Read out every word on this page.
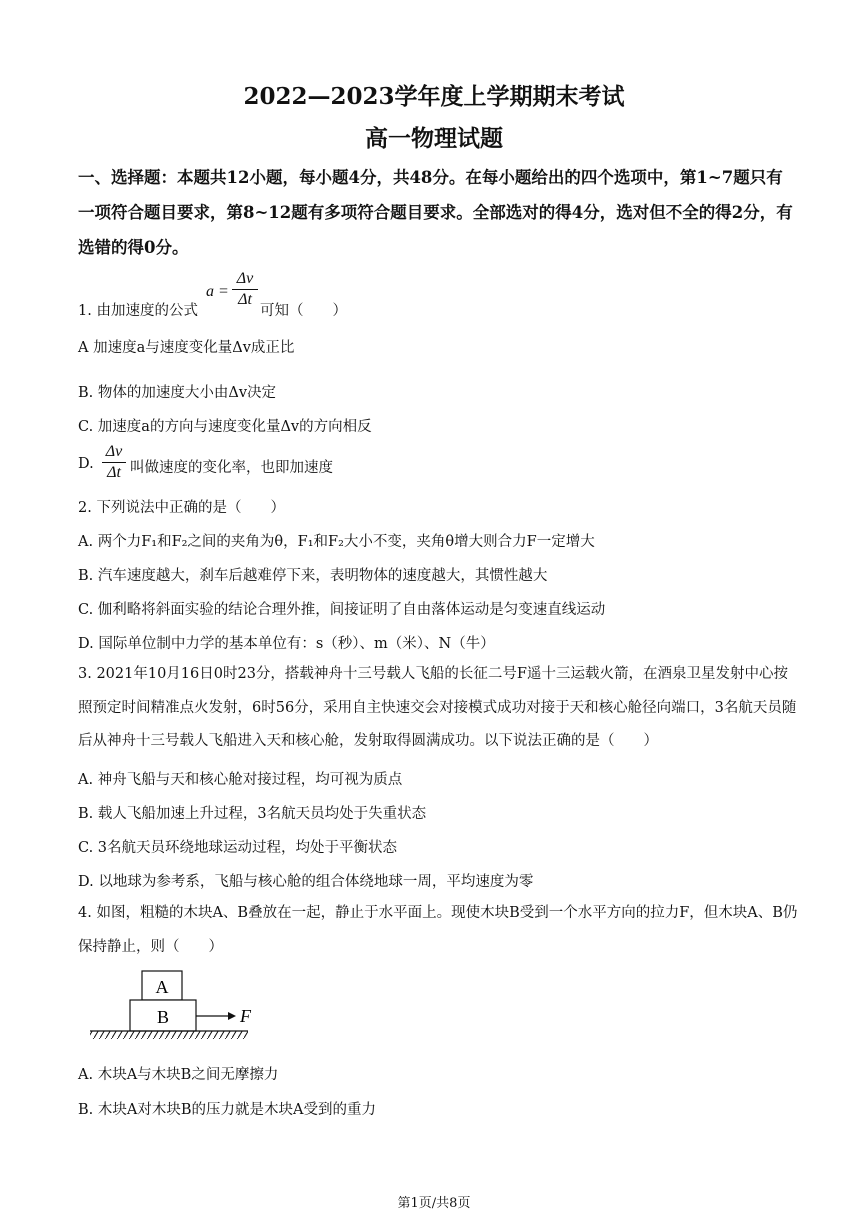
2022—2023学年度上学期期末考试
高一物理试题
一、选择题：本题共12小题，每小题4分，共48分。在每小题给出的四个选项中，第1~7题只有一项符合题目要求，第8~12题有多项符合题目要求。全部选对的得4分，选对但不全的得2分，有选错的得0分。
1. 由加速度的公式
a =
Δv
Δt
可知（　　）
A 加速度a与速度变化量Δv成正比
B. 物体的加速度大小由Δv决定
C. 加速度a的方向与速度变化量Δv的方向相反
D.
Δv
Δt 叫做速度的变化率，也即加速度
2. 下列说法中正确的是（　　）
A. 两个力F₁和F₂之间的夹角为θ，F₁和F₂大小不变，夹角θ增大则合力F一定增大
B. 汽车速度越大，刹车后越难停下来，表明物体的速度越大，其惯性越大
C. 伽利略将斜面实验的结论合理外推，间接证明了自由落体运动是匀变速直线运动
D. 国际单位制中力学的基本单位有：s（秒）、m（米）、N（牛）
3. 2021年10月16日0时23分，搭载神舟十三号载人飞船的长征二号F遥十三运载火箭，在酒泉卫星发射中心按照预定时间精准点火发射，6时56分，采用自主快速交会对接模式成功对接于天和核心舱径向端口，3名航天员随后从神舟十三号载人飞船进入天和核心舱，发射取得圆满成功。以下说法正确的是（　　）
A. 神舟飞船与天和核心舱对接过程，均可视为质点
B. 载人飞船加速上升过程，3名航天员均处于失重状态
C. 3名航天员环绕地球运动过程，均处于平衡状态
D. 以地球为参考系，飞船与核心舱的组合体绕地球一周，平均速度为零
4. 如图，粗糙的木块A、B叠放在一起，静止于水平面上。现使木块B受到一个水平方向的拉力F，但木块A、B仍保持静止，则（　　）
A
B	F
A. 木块A与木块B之间无摩擦力
B. 木块A对木块B的压力就是木块A受到的重力
第1页/共8页
